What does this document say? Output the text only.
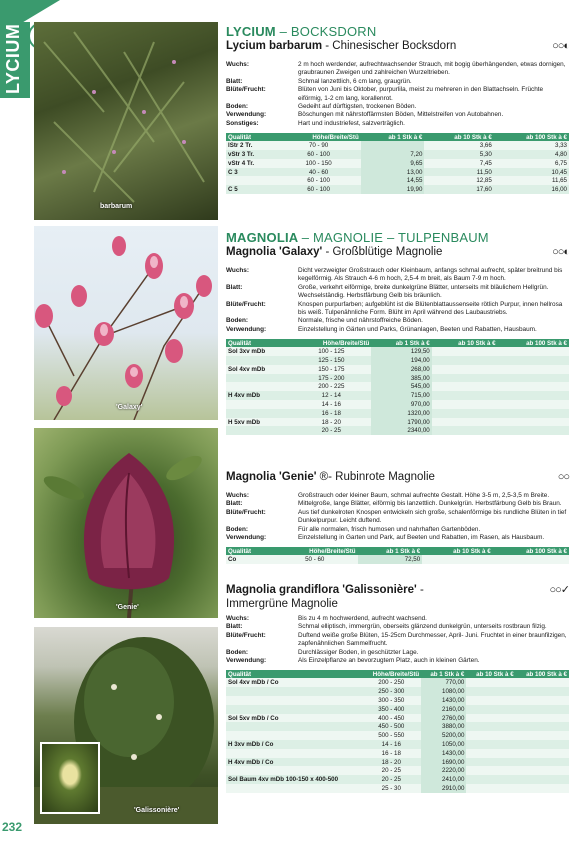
LYCIUM
barbarum
'Galaxy'
'Genie'
'Galissonière'
232
LYCIUM – BOCKSDORN
Lycium barbarum - Chinesischer Bocksdorn	○○◐
Wuchs:	2 m hoch werdender, aufrechtwachsender Strauch, mit bogig überhängenden, etwas dornigen, graubraunen Zweigen und zahlreichen Wurzeltrieben.
Blatt:	Schmal lanzettlich, 6 cm lang, graugrün.
Blüte/Frucht:	Blüten von Juni bis Oktober, purpurlila, meist zu mehreren in den Blattachseln. Früchte eiförmig, 1-2 cm lang, korallenrot.
Boden:	Gedeiht auf dürftigsten, trockenen Böden.
Verwendung:	Böschungen mit nährstoffärmsten Böden, Mittelstreifen von Autobahnen.
Sonstiges:	Hart und industriefest, salzverträglich.
Qualität	Höhe/Breite/Stü	ab 1 Stk à €	ab 10 Stk à €	ab 100 Stk à €
lStr 2 Tr.	70 - 90		3,66	3,33
vStr 3 Tr.	60 - 100	7,20	5,30	4,80
vStr 4 Tr.	100 - 150	9,65	7,45	6,75
C 3	40 - 60	13,00	11,50	10,45
	60 - 100	14,55	12,85	11,65
C 5	60 - 100	19,90	17,60	16,00
MAGNOLIA – MAGNOLIE – TULPENBAUM
Magnolia 'Galaxy' - Großblütige Magnolie	○○◐
Wuchs:	Dicht verzweigter Großstrauch oder Kleinbaum, anfangs schmal aufrecht, später breitrund bis kegelförmig. Als Strauch 4-6 m hoch, 2,5-4 m breit, als Baum 7-9 m hoch.
Blatt:	Große, verkehrt eiförmige, breite dunkelgrüne Blätter, unterseits mit bläulichem Hellgrün. Wechselständig. Herbstfärbung Gelb bis bräunlich.
Blüte/Frucht:	Knospen purpurfarben; aufgeblüht ist die Blütenblattaussenseite rötlich Purpur, innen hellrosa bis weiß. Tulpenähnliche Form. Blüht im April während des Laubaustriebs.
Boden:	Normale, frische und nährstoffreiche Böden.
Verwendung:	Einzelstellung in Gärten und Parks, Grünanlagen, Beeten und Rabatten, Hausbaum.
Qualität	Höhe/Breite/Stü	ab 1 Stk à €	ab 10 Stk à €	ab 100 Stk à €
Sol 3xv mDb	100 - 125	129,50		
	125 - 150	194,00		
Sol 4xv mDb	150 - 175	268,00		
	175 - 200	385,00		
	200 - 225	545,00		
H 4xv mDb	12 - 14	715,00		
	14 - 16	970,00		
	16 - 18	1320,00		
H 5xv mDb	18 - 20	1790,00		
	20 - 25	2340,00		
Magnolia 'Genie' ®- Rubinrote Magnolie	○○
Wuchs:	Großstrauch oder kleiner Baum, schmal aufrechte Gestalt. Höhe 3-5 m, 2,5-3,5 m Breite.
Blatt:	Mittelgroße, lange Blätter, eiförmig bis lanzettlich. Dunkelgrün. Herbstfärbung Gelb bis Braun.
Blüte/Frucht:	Aus tief dunkelroten Knospen entwickeln sich große, schalenförmige bis rundliche Blüten in tief Dunkelpurpur. Leicht duftend.
Boden:	Für alle normalen, frisch humosen und nahrhaften Gartenböden.
Verwendung:	Einzelstellung in Garten und Park, auf Beeten und Rabatten, im Rasen, als Hausbaum.
Qualität	Höhe/Breite/Stü	ab 1 Stk à €	ab 10 Stk à €	ab 100 Stk à €
Co	50 - 60	72,50		
Magnolia grandiflora 'Galissonière' -	○○✓
Immergrüne Magnolie
Wuchs:	Bis zu 4 m hochwerdend, aufrecht wachsend.
Blatt:	Schmal elliptisch, immergrün, oberseits glänzend dunkelgrün, unterseits rostbraun filzig.
Blüte/Frucht:	Duftend weiße große Blüten, 15-25cm Durchmesser, April- Juni. Fruchtet in einer braunfilzigen, zapfenähnlichen Sammelfrucht.
Boden:	Durchlässiger Boden, in geschützter Lage.
Verwendung:	Als Einzelpflanze an bevorzugtem Platz, auch in kleinen Gärten.
Qualität	Höhe/Breite/Stü	ab 1 Stk à €	ab 10 Stk à €	ab 100 Stk à €
Sol 4xv mDb / Co	200 - 250	770,00		
	250 - 300	1080,00		
	300 - 350	1430,00		
	350 - 400	2160,00		
Sol 5xv mDb / Co	400 - 450	2760,00		
	450 - 500	3880,00		
	500 - 550	5200,00		
H 3xv mDb / Co	14 - 16	1050,00		
	16 - 18	1430,00		
H 4xv mDb / Co	18 - 20	1690,00		
	20 - 25	2220,00		
Sol Baum 4xv mDb 100-150 x 400-500	20 - 25	2410,00		
	25 - 30	2910,00		
